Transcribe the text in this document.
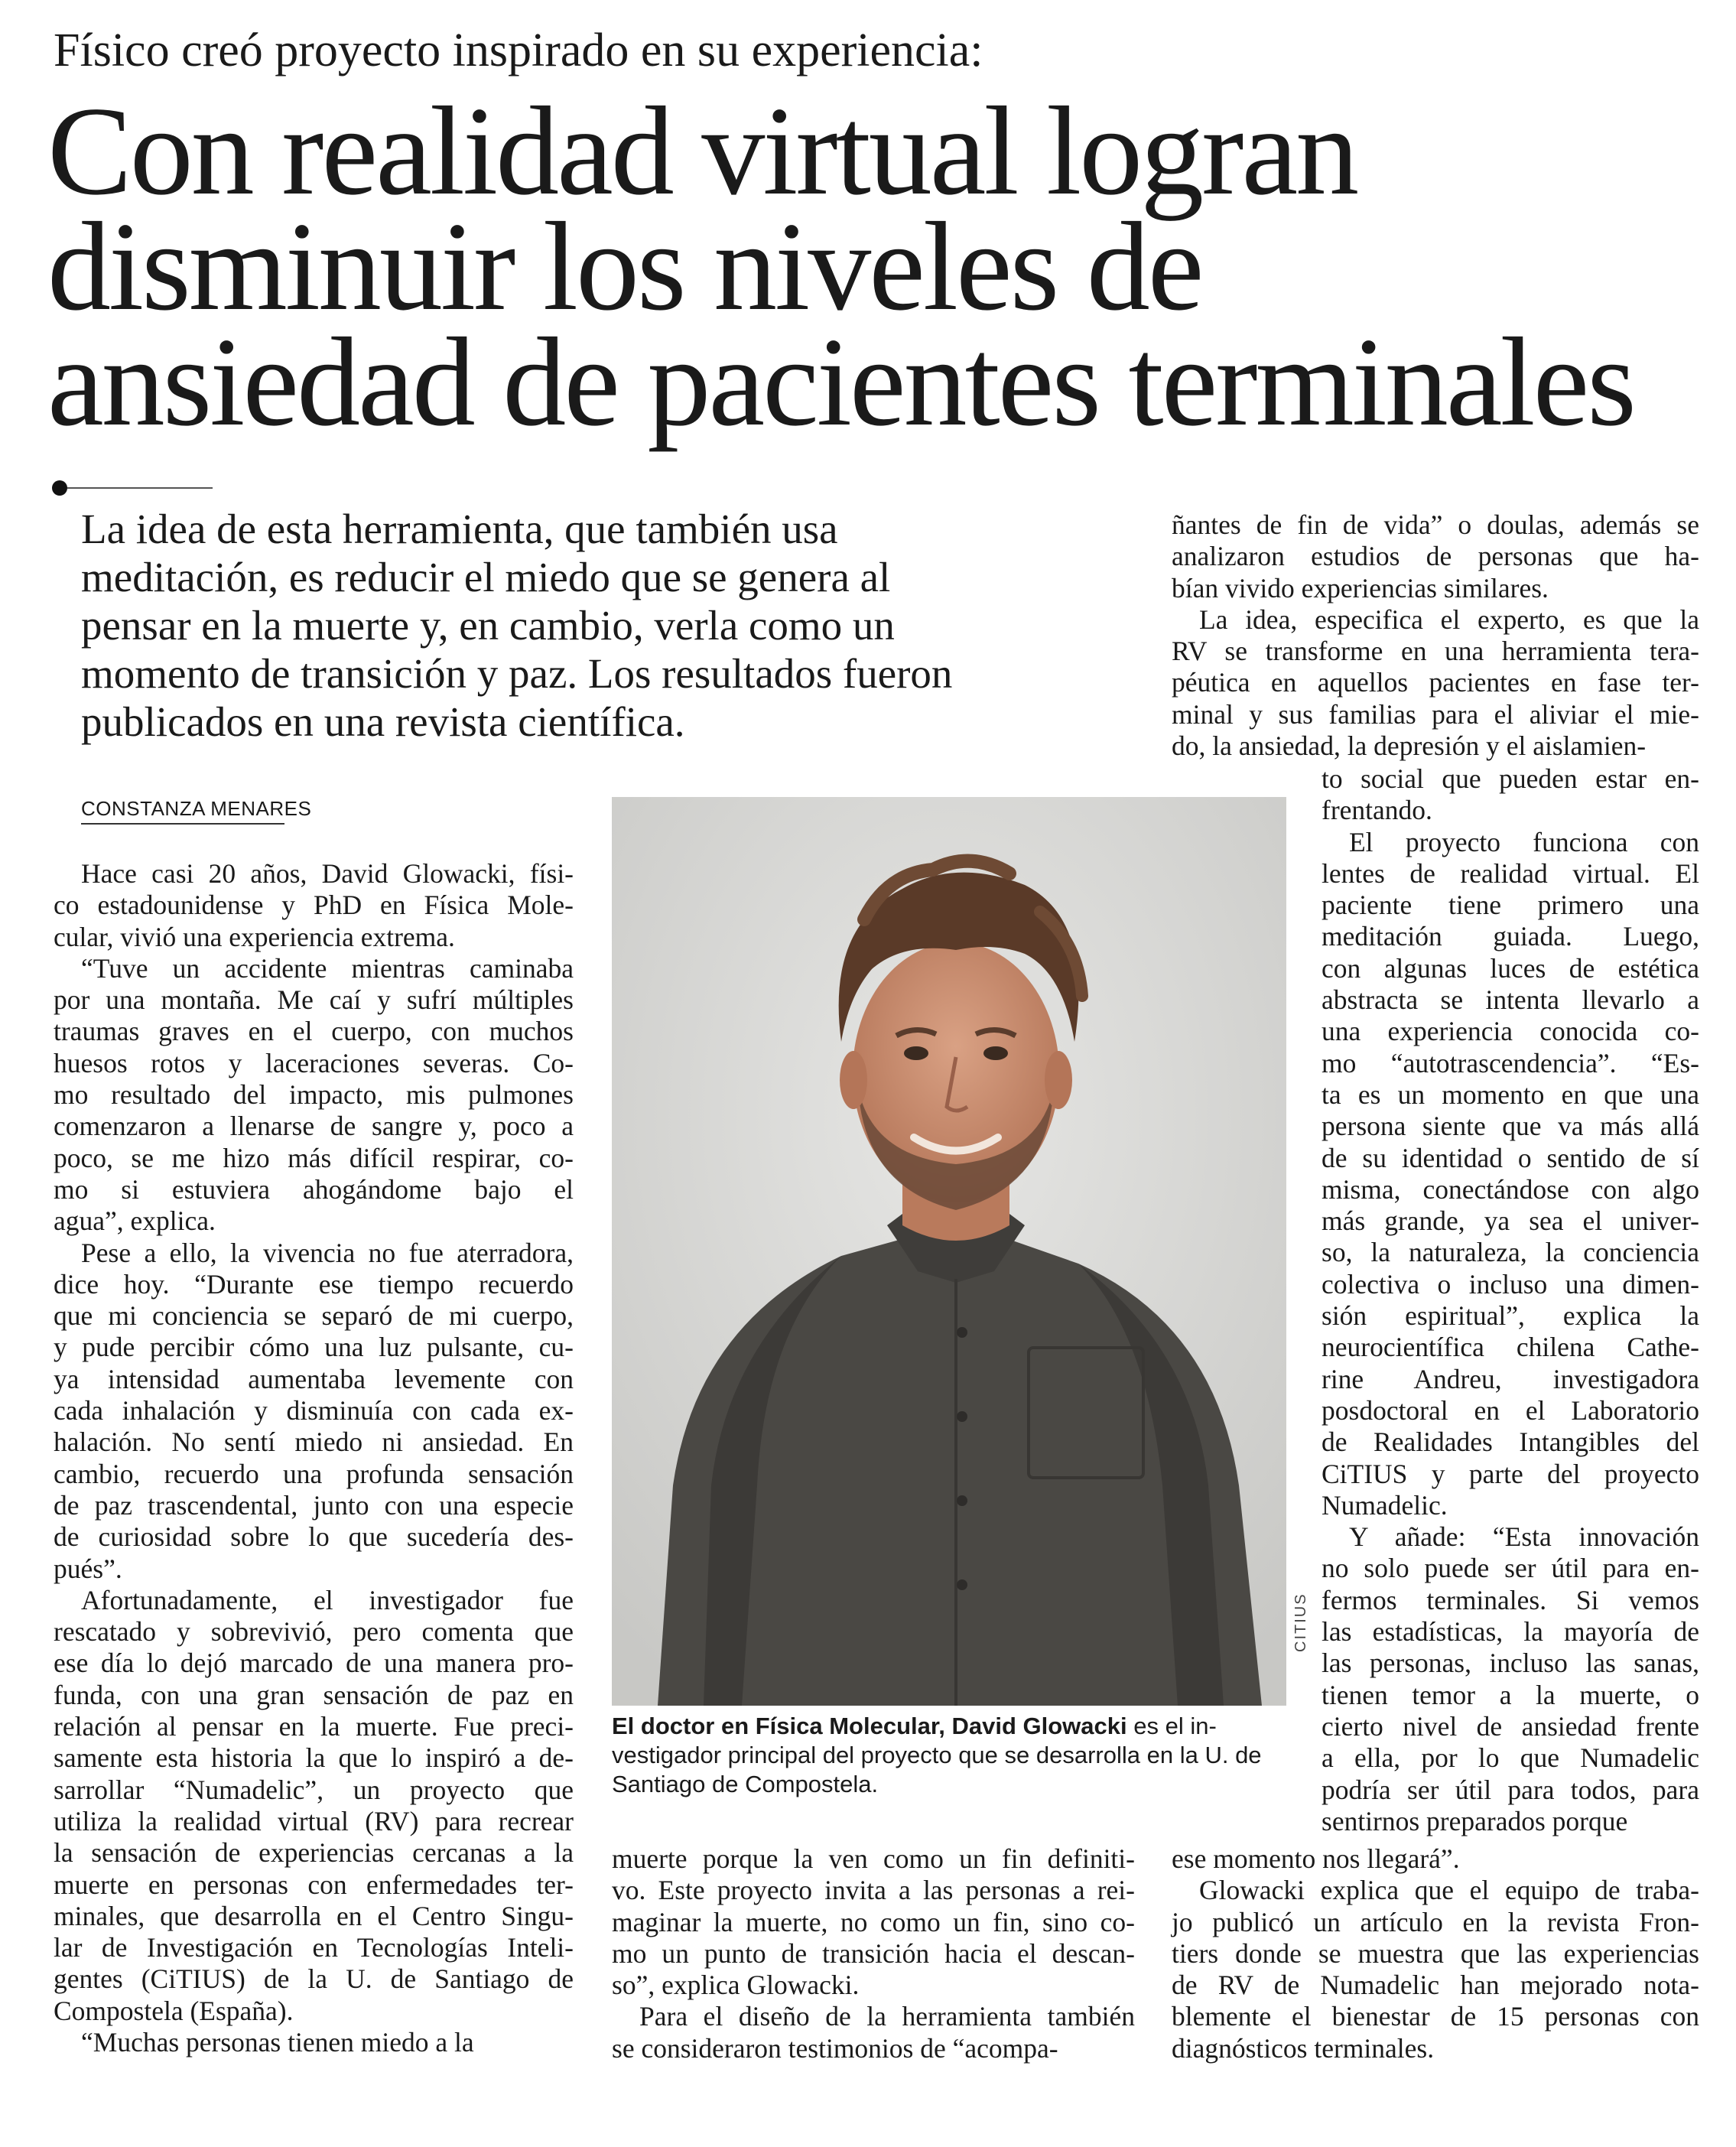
Físico creó proyecto inspirado en su experiencia:
Con realidad virtual logran
disminuir los niveles de
ansiedad de pacientes terminales
La idea de esta herramienta, que también usa
meditación, es reducir el miedo que se genera al
pensar en la muerte y, en cambio, verla como un
momento de transición y paz. Los resultados fueron
publicados en una revista científica.
CONSTANZA MENARES

Hace casi 20 años, David Glowacki, físi-

co estadounidense y PhD en Física Mole-

cular, vivió una experiencia extrema.

“Tuve un accidente mientras caminaba

por una montaña. Me caí y sufrí múltiples

traumas graves en el cuerpo, con muchos

huesos rotos y laceraciones severas. Co-

mo resultado del impacto, mis pulmones

comenzaron a llenarse de sangre y, poco a

poco, se me hizo más difícil respirar, co-

mo si estuviera ahogándome bajo el

agua”, explica.

Pese a ello, la vivencia no fue aterradora,

dice hoy. “Durante ese tiempo recuerdo

que mi conciencia se separó de mi cuerpo,

y pude percibir cómo una luz pulsante, cu-

ya intensidad aumentaba levemente con

cada inhalación y disminuía con cada ex-

halación. No sentí miedo ni ansiedad. En

cambio, recuerdo una profunda sensación

de paz trascendental, junto con una especie

de curiosidad sobre lo que sucedería des-

pués”.

Afortunadamente, el investigador fue

rescatado y sobrevivió, pero comenta que

ese día lo dejó marcado de una manera pro-

funda, con una gran sensación de paz en

relación al pensar en la muerte. Fue preci-

samente esta historia la que lo inspiró a de-

sarrollar “Numadelic”, un proyecto que

utiliza la realidad virtual (RV) para recrear

la sensación de experiencias cercanas a la

muerte en personas con enfermedades ter-

minales, que desarrolla en el Centro Singu-

lar de Investigación en Tecnologías Inteli-

gentes (CiTIUS) de la U. de Santiago de

Compostela (España).

“Muchas personas tienen miedo a la

muerte porque la ven como un fin definiti-

vo. Este proyecto invita a las personas a rei-

maginar la muerte, no como un fin, sino co-

mo un punto de transición hacia el descan-

so”, explica Glowacki.

Para el diseño de la herramienta también

se consideraron testimonios de “acompa-

ñantes de fin de vida” o doulas, además se

analizaron estudios de personas que ha-

bían vivido experiencias similares.

La idea, especifica el experto, es que la

RV se transforme en una herramienta tera-

péutica en aquellos pacientes en fase ter-

minal y sus familias para el aliviar el mie-

do, la ansiedad, la depresión y el aislamien-

to social que pueden estar en-

frentando.

El proyecto funciona con

lentes de realidad virtual. El

paciente tiene primero una

meditación guiada. Luego,

con algunas luces de estética

abstracta se intenta llevarlo a

una experiencia conocida co-

mo “autotrascendencia”. “Es-

ta es un momento en que una

persona siente que va más allá

de su identidad o sentido de sí

misma, conectándose con algo

más grande, ya sea el univer-

so, la naturaleza, la conciencia

colectiva o incluso una dimen-

sión espiritual”, explica la

neurocientífica chilena Cathe-

rine Andreu, investigadora

posdoctoral en el Laboratorio

de Realidades Intangibles del

CiTIUS y parte del proyecto

Numadelic.

Y añade: “Esta innovación

no solo puede ser útil para en-

fermos terminales. Si vemos

las estadísticas, la mayoría de

las personas, incluso las sanas,

tienen temor a la muerte, o

cierto nivel de ansiedad frente

a ella, por lo que Numadelic

podría ser útil para todos, para

sentirnos preparados porque

ese momento nos llegará”.

Glowacki explica que el equipo de traba-

jo publicó un artículo en la revista Fron-

tiers donde se muestra que las experiencias

de RV de Numadelic han mejorado nota-

blemente el bienestar de 15 personas con

diagnósticos terminales.

CITIUS

El doctor en Física Molecular, David Glowacki es el in-

vestigador principal del proyecto que se desarrolla en la U. de

Santiago de Compostela.
